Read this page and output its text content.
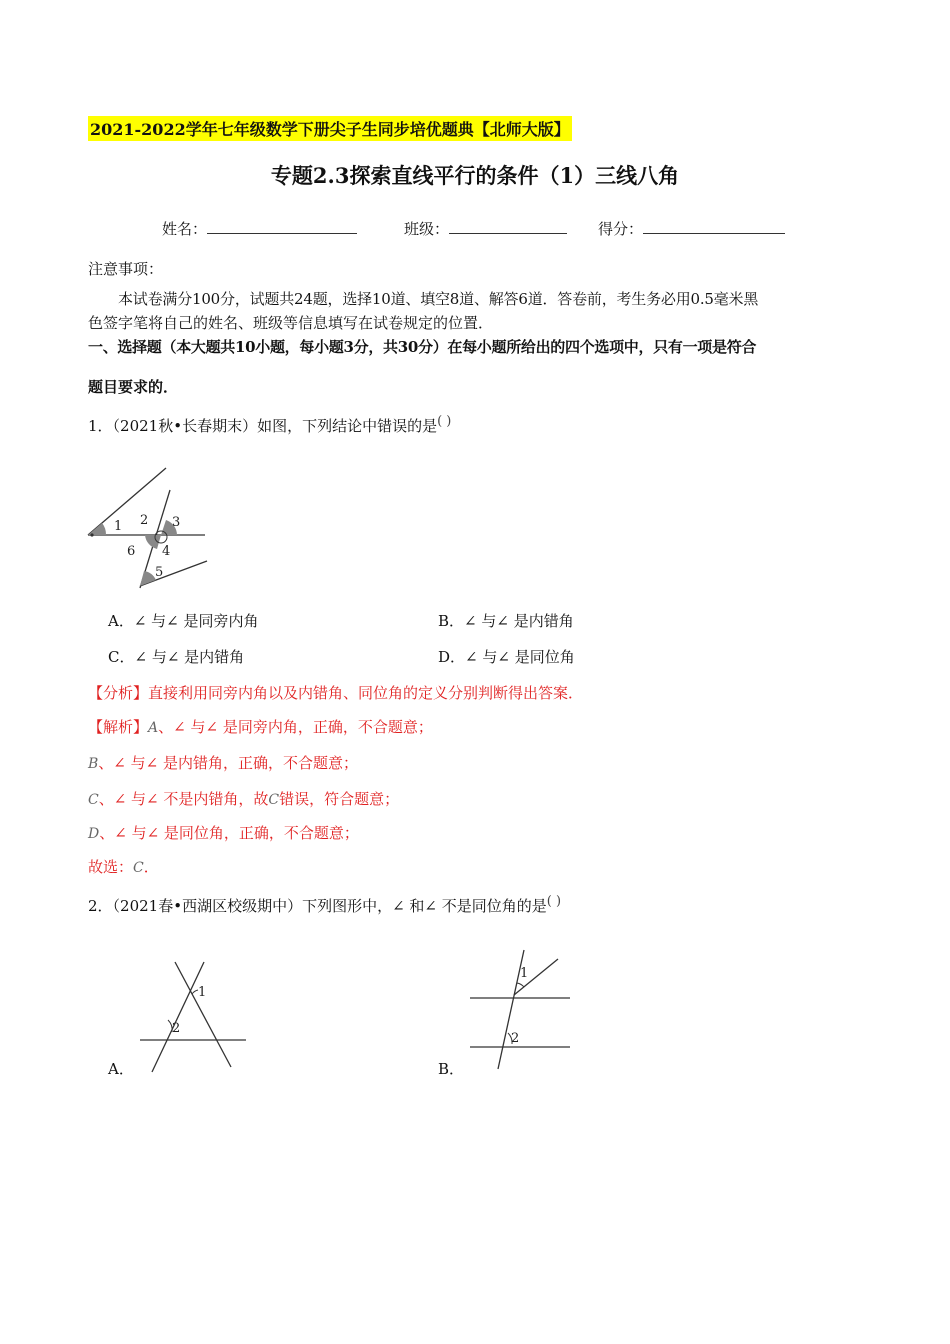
2021-2022学年七年级数学下册尖子生同步培优题典【北师大版】
专题2.3探索直线平行的条件（1）三线八角
姓名：	班级：	得分：
注意事项：
本试卷满分100分，试题共24题，选择10道、填空8道、解答6道．答卷前，考生务必用0.5毫米黑
色签字笔将自己的姓名、班级等信息填写在试卷规定的位置．
一、选择题（本大题共10小题，每小题3分，共30分）在每小题所给出的四个选项中，只有一项是符合
题目要求的．
1．（2021秋•长春期末）如图，下列结论中错误的是( )
1 2 3
6 4
5
A．∠ 与∠ 是同旁内角	B．∠ 与∠ 是内错角
C．∠ 与∠ 是内错角	D．∠ 与∠ 是同位角
【分析】直接利用同旁内角以及内错角、同位角的定义分别判断得出答案．
【解析】A、∠ 与∠ 是同旁内角，正确，不合题意；
B、∠ 与∠ 是内错角，正确，不合题意；
C、∠ 与∠ 不是内错角，故C错误，符合题意；
D、∠ 与∠ 是同位角，正确，不合题意；
故选：C．
2．（2021春•西湖区校级期中）下列图形中，∠ 和∠ 不是同位角的是( )
1
2
A．
1
2
B．
